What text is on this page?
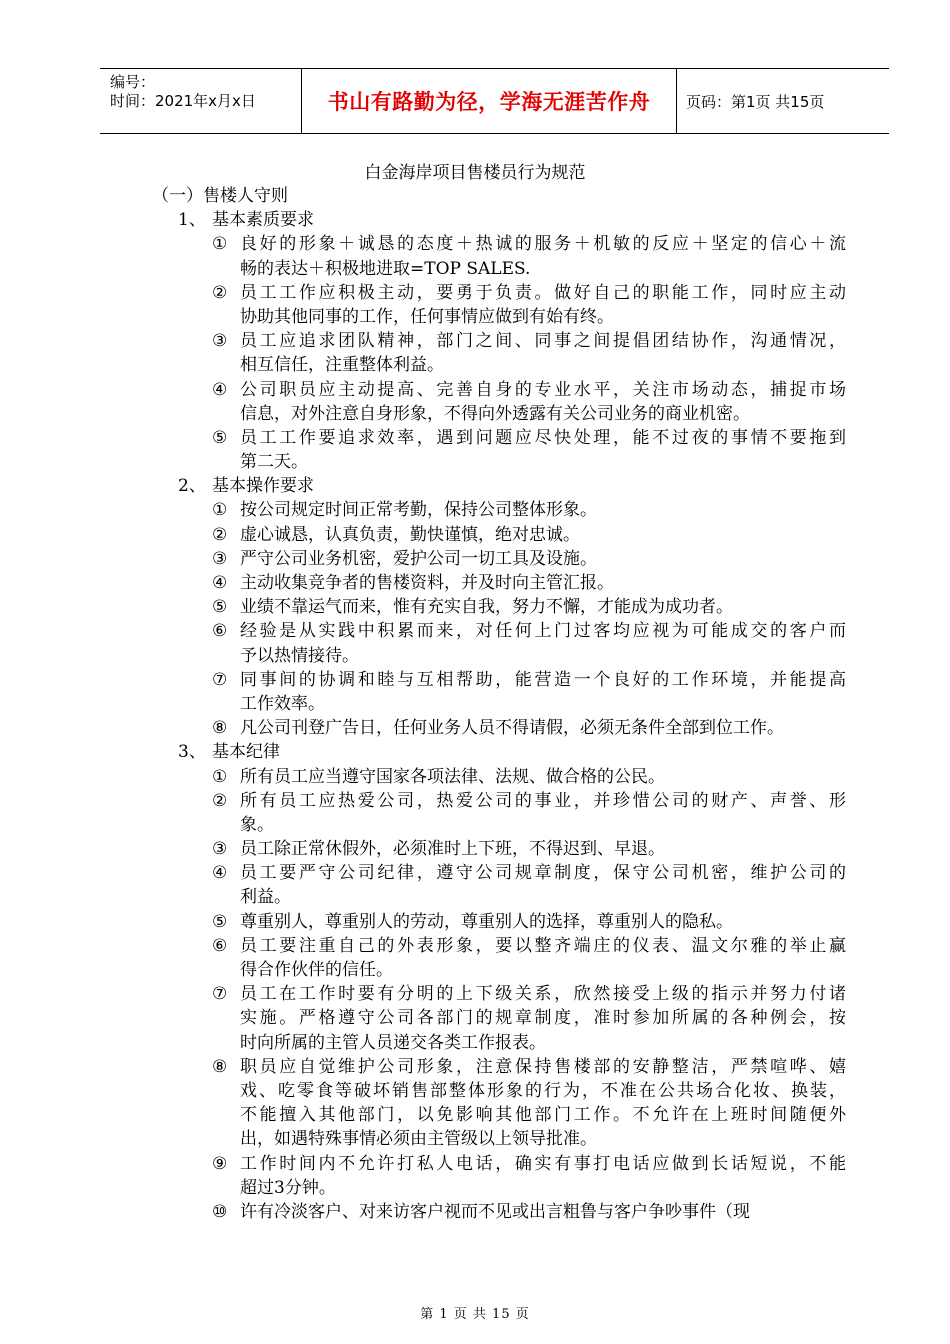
编号：
时间：2021年x月x日	书山有路勤为径，学海无涯苦作舟	页码：第1页 共15页
白金海岸项目售楼员行为规范
（一）售楼人守则
1、 基本素质要求
① 良好的形象＋诚恳的态度＋热诚的服务＋机敏的反应＋坚定的信心＋流
畅的表达＋积极地进取=TOP SALES.
② 员工工作应积极主动，要勇于负责。做好自己的职能工作，同时应主动
协助其他同事的工作，任何事情应做到有始有终。
③ 员工应追求团队精神，部门之间、同事之间提倡团结协作，沟通情况，
相互信任，注重整体利益。
④ 公司职员应主动提高、完善自身的专业水平，关注市场动态，捕捉市场
信息，对外注意自身形象，不得向外透露有关公司业务的商业机密。
⑤ 员工工作要追求效率，遇到问题应尽快处理，能不过夜的事情不要拖到
第二天。
2、 基本操作要求
① 按公司规定时间正常考勤，保持公司整体形象。
② 虚心诚恳，认真负责，勤快谨慎，绝对忠诚。
③ 严守公司业务机密，爱护公司一切工具及设施。
④ 主动收集竞争者的售楼资料，并及时向主管汇报。
⑤ 业绩不靠运气而来，惟有充实自我，努力不懈，才能成为成功者。
⑥ 经验是从实践中积累而来，对任何上门过客均应视为可能成交的客户而
予以热情接待。
⑦ 同事间的协调和睦与互相帮助，能营造一个良好的工作环境，并能提高
工作效率。
⑧ 凡公司刊登广告日，任何业务人员不得请假，必须无条件全部到位工作。
3、 基本纪律
① 所有员工应当遵守国家各项法律、法规、做合格的公民。
② 所有员工应热爱公司，热爱公司的事业，并珍惜公司的财产、声誉、形
象。
③ 员工除正常休假外，必须准时上下班，不得迟到、早退。
④ 员工要严守公司纪律，遵守公司规章制度，保守公司机密，维护公司的
利益。
⑤ 尊重别人，尊重别人的劳动，尊重别人的选择，尊重别人的隐私。
⑥ 员工要注重自己的外表形象，要以整齐端庄的仪表、温文尔雅的举止赢
得合作伙伴的信任。
⑦ 员工在工作时要有分明的上下级关系，欣然接受上级的指示并努力付诸
实施。严格遵守公司各部门的规章制度，准时参加所属的各种例会，按
时向所属的主管人员递交各类工作报表。
⑧ 职员应自觉维护公司形象，注意保持售楼部的安静整洁，严禁喧哗、嬉
戏、吃零食等破坏销售部整体形象的行为，不准在公共场合化妆、换装，
不能擅入其他部门，以免影响其他部门工作。不允许在上班时间随便外
出，如遇特殊事情必须由主管级以上领导批准。
⑨ 工作时间内不允许打私人电话，确实有事打电话应做到长话短说，不能
超过3分钟。
⑩ 许有冷淡客户、对来访客户视而不见或出言粗鲁与客户争吵事件（现
第 1 页 共 15 页
